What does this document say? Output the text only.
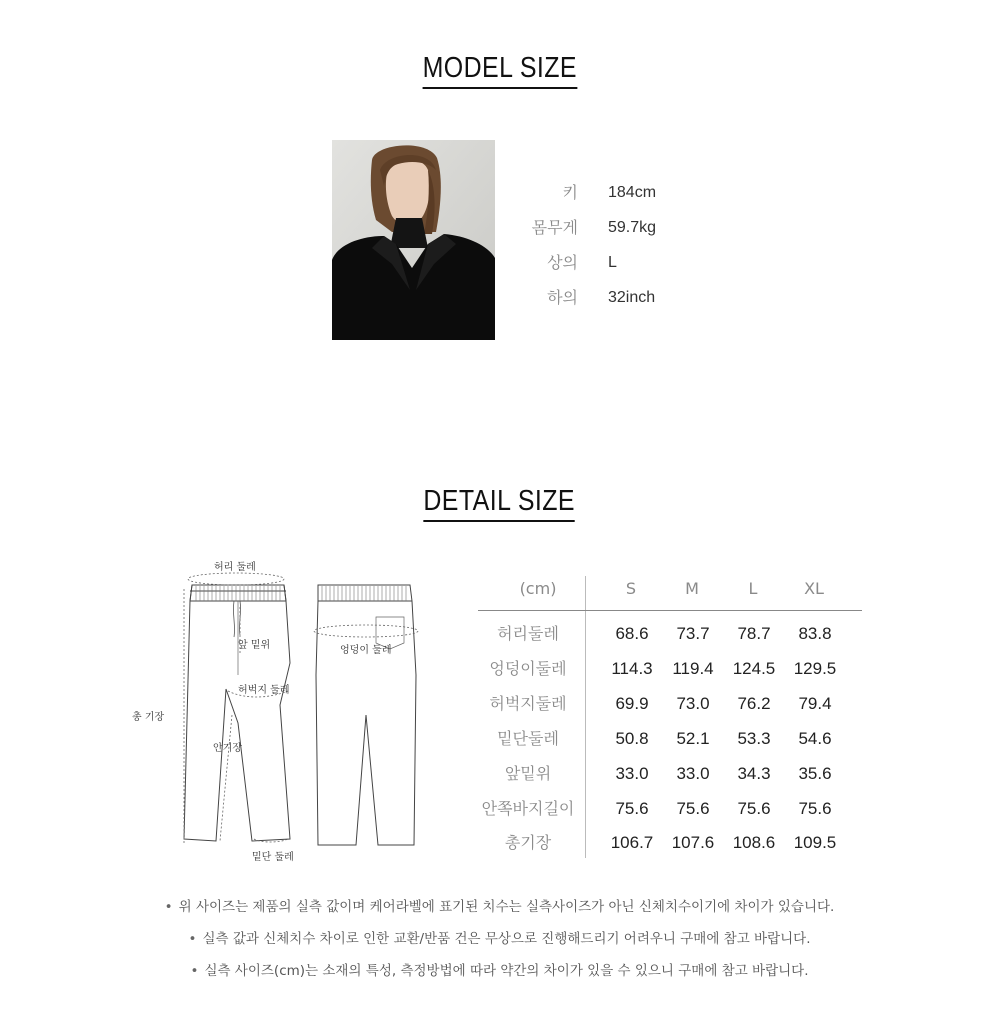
MODEL SIZE
키 184cm
몸무게 59.7kg
상의 L
하의 32inch
DETAIL SIZE
허리 둘레
앞 밑위	엉덩이 둘레
허벅지 둘레
총 기장
안기장
밑단 둘레
(cm)	S	M	L	XL
허리둘레	68.6	73.7	78.7	83.8
엉덩이둘레	114.3	119.4	124.5	129.5
허벅지둘레	69.9	73.0	76.2	79.4
밑단둘레	50.8	52.1	53.3	54.6
앞밑위	33.0	33.0	34.3	35.6
안쪽바지길이	75.6	75.6	75.6	75.6
총기장	106.7	107.6	108.6	109.5
• 위 사이즈는 제품의 실측 값이며 케어라벨에 표기된 치수는 실측사이즈가 아닌 신체치수이기에 차이가 있습니다.
• 실측 값과 신체치수 차이로 인한 교환/반품 건은 무상으로 진행해드리기 어려우니 구매에 참고 바랍니다.
• 실측 사이즈(cm)는 소재의 특성, 측정방법에 따라 약간의 차이가 있을 수 있으니 구매에 참고 바랍니다.
